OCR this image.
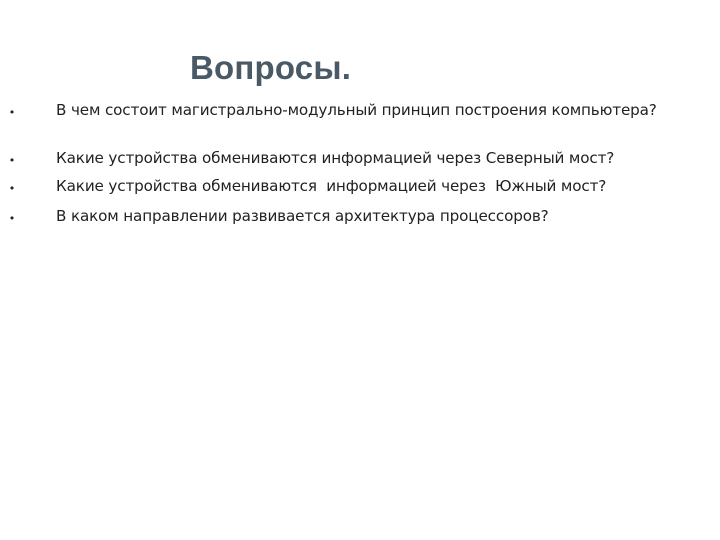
Вопросы.
•	В чем состоит магистрально-модульный принцип построения компьютера?
•	Какие устройства обмениваются информацией через Северный мост?
•	Какие устройства обмениваются  информацией через  Южный мост?
•	В каком направлении развивается архитектура процессоров?
